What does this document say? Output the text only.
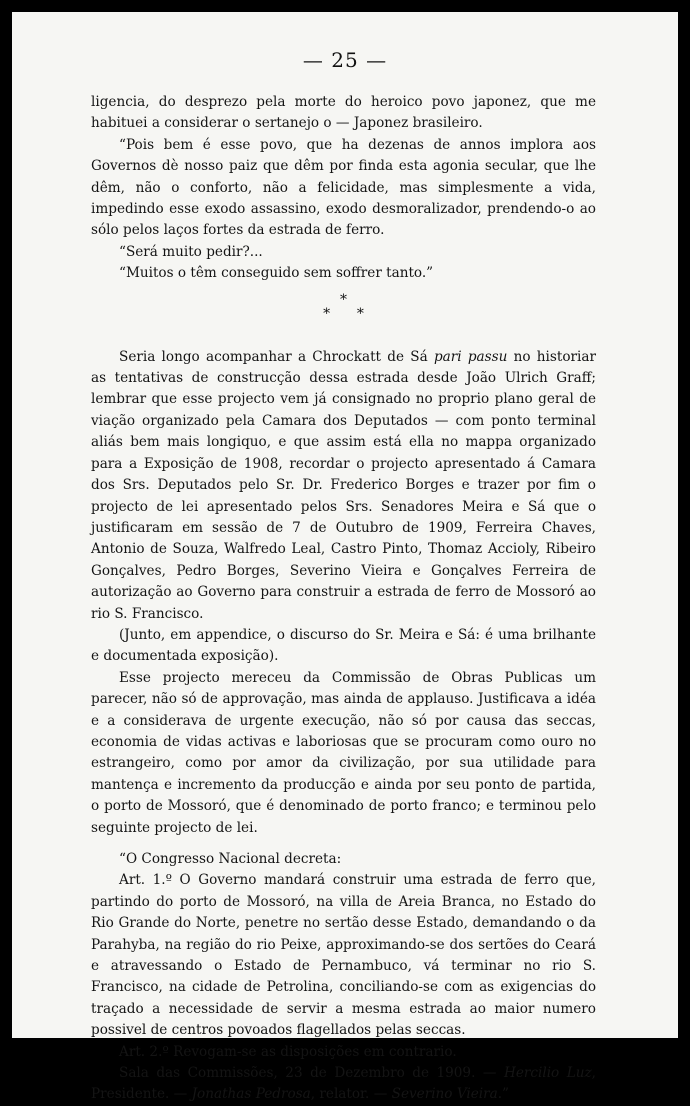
— 25 —

ligencia, do desprezo pela morte do heroico povo japonez, que me habituei a considerar o sertanejo o — Japonez brasileiro.

“Pois bem é esse povo, que ha dezenas de annos implora aos Governos dè nosso paiz que dêm por finda esta agonia secular, que lhe dêm, não o conforto, não a felicidade, mas simplesmente a vida, impedindo esse exodo assassino, exodo desmoralizador, prendendo-o ao sólo pelos laços fortes da estrada de ferro.

“Será muito pedir?...

“Muitos o têm conseguido sem soffrer tanto.”

*
*      *

Seria longo acompanhar a Chrockatt de Sá pari passu no historiar as tentativas de construcção dessa estrada desde João Ulrich Graff; lembrar que esse projecto vem já consignado no proprio plano geral de viação organizado pela Camara dos Deputados — com ponto terminal aliás bem mais longiquo, e que assim está ella no mappa organizado para a Exposição de 1908, recordar o projecto apresentado á Camara dos Srs. Deputados pelo Sr. Dr. Frederico Borges e trazer por fim o projecto de lei apresentado pelos Srs. Senadores Meira e Sá que o justificaram em sessão de 7 de Outubro de 1909, Ferreira Chaves, Antonio de Souza, Walfredo Leal, Castro Pinto, Thomaz Accioly, Ribeiro Gonçalves, Pedro Borges, Severino Vieira e Gonçalves Ferreira de autorização ao Governo para construir a estrada de ferro de Mossoró ao rio S. Francisco.

(Junto, em appendice, o discurso do Sr. Meira e Sá: é uma brilhante e documentada exposição).

Esse projecto mereceu da Commissão de Obras Publicas um parecer, não só de approvação, mas ainda de applauso. Justificava a idéa e a considerava de urgente execução, não só por causa das seccas, economia de vidas activas e laboriosas que se procuram como ouro no estrangeiro, como por amor da civilização, por sua utilidade para mantença e incremento da producção e ainda por seu ponto de partida, o porto de Mossoró, que é denominado de porto franco; e terminou pelo seguinte projecto de lei.

“O Congresso Nacional decreta:

Art. 1.º O Governo mandará construir uma estrada de ferro que, partindo do porto de Mossoró, na villa de Areia Branca, no Estado do Rio Grande do Norte, penetre no sertão desse Estado, demandando o da Parahyba, na região do rio Peixe, approximando-se dos sertões do Ceará e atravessando o Estado de Pernambuco, vá terminar no rio S. Francisco, na cidade de Petrolina, conciliando-se com as exigencias do traçado a necessidade de servir a mesma estrada ao maior numero possivel de centros povoados flagellados pelas seccas.

Art. 2.º Revogam-se as disposições em contrario.

Sala das Commissões, 23 de Dezembro de 1909. — Hercilio Luz, Presidente. — Jonathas Pedrosa, relator. — Severino Vieira.”
